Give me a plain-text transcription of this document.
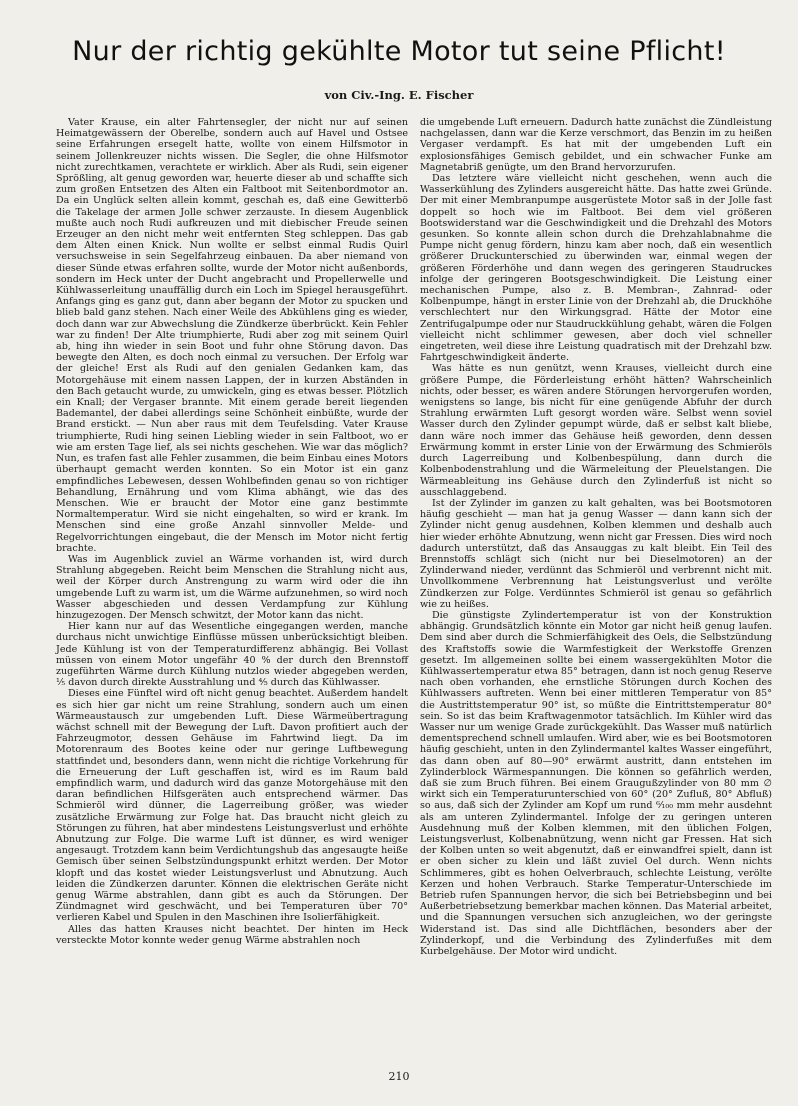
Nur der richtig gekühlte Motor tut seine Pflicht!
von Civ.-Ing. E. Fischer

Vater Krause, ein alter Fahrtensegler, der nicht nur auf seinen Heimatgewässern der Oberelbe, sondern auch auf Havel und Ostsee seine Erfahrungen ersegelt hatte, wollte von einem Hilfsmotor in seinem Jollenkreuzer nichts wissen. Die Segler, die ohne Hilfsmotor nicht zurechtkamen, verachtete er wirklich. Aber als Rudi, sein eigener Sprößling, alt genug geworden war, heuerte dieser ab und schaffte sich zum großen Entsetzen des Alten ein Faltboot mit Seitenbordmotor an. Da ein Unglück selten allein kommt, geschah es, daß eine Gewitterbö die Takelage der armen Jolle schwer zerzauste. In diesem Augenblick mußte auch noch Rudi aufkreuzen und mit diebischer Freude seinen Erzeuger an den nicht mehr weit entfernten Steg schleppen. Das gab dem Alten einen Knick. Nun wollte er selbst einmal Rudis Quirl versuchsweise in sein Segelfahrzeug einbauen. Da aber niemand von dieser Sünde etwas erfahren sollte, wurde der Motor nicht außenbords, sondern im Heck unter der Ducht angebracht und Propellerwelle und Kühlwasserleitung unauffällig durch ein Loch im Spiegel herausgeführt. Anfangs ging es ganz gut, dann aber begann der Motor zu spucken und blieb bald ganz stehen. Nach einer Weile des Abkühlens ging es wieder, doch dann war zur Abwechslung die Zündkerze überbrückt. Kein Fehler war zu finden! Der Alte triumphierte, Rudi aber zog mit seinem Quirl ab, hing ihn wieder in sein Boot und fuhr ohne Störung davon. Das bewegte den Alten, es doch noch einmal zu versuchen. Der Erfolg war der gleiche! Erst als Rudi auf den genialen Gedanken kam, das Motorgehäuse mit einem nassen Lappen, der in kurzen Abständen in den Bach getaucht wurde, zu umwickeln, ging es etwas besser. Plötzlich ein Knall; der Vergaser brannte. Mit einem gerade bereit liegenden Bademantel, der dabei allerdings seine Schönheit einbüßte, wurde der Brand erstickt. — Nun aber raus mit dem Teufelsding. Vater Krause triumphierte, Rudi hing seinen Liebling wieder in sein Faltboot, wo er wie am ersten Tage lief, als sei nichts geschehen. Wie war das möglich? Nun, es trafen fast alle Fehler zusammen, die beim Einbau eines Motors überhaupt gemacht werden konnten. So ein Motor ist ein ganz empfindliches Lebewesen, dessen Wohlbefinden genau so von richtiger Behandlung, Ernährung und vom Klima abhängt, wie das des Menschen. Wie er braucht der Motor eine ganz bestimmte Normaltemperatur. Wird sie nicht eingehalten, so wird er krank. Im Menschen sind eine große Anzahl sinnvoller Melde- und Regelvorrichtungen eingebaut, die der Mensch im Motor nicht fertig brachte.

Was im Augenblick zuviel an Wärme vorhanden ist, wird durch Strahlung abgegeben. Reicht beim Menschen die Strahlung nicht aus, weil der Körper durch Anstrengung zu warm wird oder die ihn umgebende Luft zu warm ist, um die Wärme aufzunehmen, so wird noch Wasser abgeschieden und dessen Verdampfung zur Kühlung hinzugezogen. Der Mensch schwitzt, der Motor kann das nicht.

Hier kann nur auf das Wesentliche eingegangen werden, manche durchaus nicht unwichtige Einflüsse müssen unberücksichtigt bleiben. Jede Kühlung ist von der Temperaturdifferenz abhängig. Bei Vollast müssen von einem Motor ungefähr 40 % der durch den Brennstoff zugeführten Wärme durch Kühlung nutzlos wieder abgegeben werden, ⅕ davon durch direkte Ausstrahlung und ⁴⁄₅ durch das Kühlwasser.

Dieses eine Fünftel wird oft nicht genug beachtet. Außerdem handelt es sich hier gar nicht um reine Strahlung, sondern auch um einen Wärmeaustausch zur umgebenden Luft. Diese Wärmeübertragung wächst schnell mit der Bewegung der Luft. Davon profitiert auch der Fahrzeugmotor, dessen Gehäuse im Fahrtwind liegt. Da im Motorenraum des Bootes keine oder nur geringe Luftbewegung stattfindet und, besonders dann, wenn nicht die richtige Vorkehrung für die Erneuerung der Luft geschaffen ist, wird es im Raum bald empfindlich warm, und dadurch wird das ganze Motorgehäuse mit den daran befindlichen Hilfsgeräten auch entsprechend wärmer. Das Schmieröl wird dünner, die Lagerreibung größer, was wieder zusätzliche Erwärmung zur Folge hat. Das braucht nicht gleich zu Störungen zu führen, hat aber mindestens Leistungsverlust und erhöhte Abnutzung zur Folge. Die warme Luft ist dünner, es wird weniger angesaugt. Trotzdem kann beim Verdichtungshub das angesaugte heiße Gemisch über seinen Selbstzündungspunkt erhitzt werden. Der Motor klopft und das kostet wieder Leistungsverlust und Abnutzung. Auch leiden die Zündkerzen darunter. Können die elektrischen Geräte nicht genug Wärme abstrahlen, dann gibt es auch da Störungen. Der Zündmagnet wird geschwächt, und bei Temperaturen über 70° verlieren Kabel und Spulen in den Maschinen ihre Isolierfähigkeit.

Alles das hatten Krauses nicht beachtet. Der hinten im Heck versteckte Motor konnte weder genug Wärme abstrahlen noch

die umgebende Luft erneuern. Dadurch hatte zunächst die Zündleistung nachgelassen, dann war die Kerze verschmort, das Benzin im zu heißen Vergaser verdampft. Es hat mit der umgebenden Luft ein explosionsfähiges Gemisch gebildet, und ein schwacher Funke am Magnetabriß genügte, um den Brand hervorzurufen.

Das letztere wäre vielleicht nicht geschehen, wenn auch die Wasserkühlung des Zylinders ausgereicht hätte. Das hatte zwei Gründe. Der mit einer Membranpumpe ausgerüstete Motor saß in der Jolle fast doppelt so hoch wie im Faltboot. Bei dem viel größeren Bootswiderstand war die Geschwindigkeit und die Drehzahl des Motors gesunken. So konnte allein schon durch die Drehzahlabnahme die Pumpe nicht genug fördern, hinzu kam aber noch, daß ein wesentlich größerer Druckunterschied zu überwinden war, einmal wegen der größeren Förderhöhe und dann wegen des geringeren Staudruckes infolge der geringeren Bootsgeschwindigkeit. Die Leistung einer mechanischen Pumpe, also z. B. Membran-, Zahnrad- oder Kolbenpumpe, hängt in erster Linie von der Drehzahl ab, die Druckhöhe verschlechtert nur den Wirkungsgrad. Hätte der Motor eine Zentrifugalpumpe oder nur Staudruckkühlung gehabt, wären die Folgen vielleicht nicht schlimmer gewesen, aber doch viel schneller eingetreten, weil diese ihre Leistung quadratisch mit der Drehzahl bzw. Fahrtgeschwindigkeit änderte.

Was hätte es nun genützt, wenn Krauses, vielleicht durch eine größere Pumpe, die Förderleistung erhöht hätten? Wahrscheinlich nichts, oder besser, es wären andere Störungen hervorgerufen worden, wenigstens so lange, bis nicht für eine genügende Abfuhr der durch Strahlung erwärmten Luft gesorgt worden wäre. Selbst wenn soviel Wasser durch den Zylinder gepumpt würde, daß er selbst kalt bliebe, dann wäre noch immer das Gehäuse heiß geworden, denn dessen Erwärmung kommt in erster Linie von der Erwärmung des Schmieröls durch Lagerreibung und Kolbenbespülung, dann durch die Kolbenbodenstrahlung und die Wärmeleitung der Pleuelstangen. Die Wärmeableitung ins Gehäuse durch den Zylinderfuß ist nicht so ausschlaggebend.

Ist der Zylinder im ganzen zu kalt gehalten, was bei Bootsmotoren häufig geschieht — man hat ja genug Wasser — dann kann sich der Zylinder nicht genug ausdehnen, Kolben klemmen und deshalb auch hier wieder erhöhte Abnutzung, wenn nicht gar Fressen. Dies wird noch dadurch unterstützt, daß das Ansauggas zu kalt bleibt. Ein Teil des Brennstoffs schlägt sich (nicht nur bei Dieselmotoren) an der Zylinderwand nieder, verdünnt das Schmieröl und verbrennt nicht mit. Unvollkommene Verbrennung hat Leistungsverlust und verölte Zündkerzen zur Folge. Verdünntes Schmieröl ist genau so gefährlich wie zu heißes.

Die günstigste Zylindertemperatur ist von der Konstruktion abhängig. Grundsätzlich könnte ein Motor gar nicht heiß genug laufen. Dem sind aber durch die Schmierfähigkeit des Oels, die Selbstzündung des Kraftstoffs sowie die Warmfestigkeit der Werkstoffe Grenzen gesetzt. Im allgemeinen sollte bei einem wassergekühlten Motor die Kühlwassertemperatur etwa 85° betragen, dann ist noch genug Reserve nach oben vorhanden, ehe ernstliche Störungen durch Kochen des Kühlwassers auftreten. Wenn bei einer mittleren Temperatur von 85° die Austrittstemperatur 90° ist, so müßte die Eintrittstemperatur 80° sein. So ist das beim Kraftwagenmotor tatsächlich. Im Kühler wird das Wasser nur um wenige Grade zurückgekühlt. Das Wasser muß natürlich dementsprechend schnell umlaufen. Wird aber, wie es bei Bootsmotoren häufig geschieht, unten in den Zylindermantel kaltes Wasser eingeführt, das dann oben auf 80—90° erwärmt austritt, dann entstehen im Zylinderblock Wärmespannungen. Die können so gefährlich werden, daß sie zum Bruch führen. Bei einem Graugußzylinder von 80 mm ∅ wirkt sich ein Temperaturunterschied von 60° (20° Zufluß, 80° Abfluß) so aus, daß sich der Zylinder am Kopf um rund ⁶⁄₁₀₀ mm mehr ausdehnt als am unteren Zylindermantel. Infolge der zu geringen unteren Ausdehnung muß der Kolben klemmen, mit den üblichen Folgen, Leistungsverlust, Kolbenabnützung, wenn nicht gar Fressen. Hat sich der Kolben unten so weit abgenutzt, daß er einwandfrei spielt, dann ist er oben sicher zu klein und läßt zuviel Oel durch. Wenn nichts Schlimmeres, gibt es hohen Oelverbrauch, schlechte Leistung, verölte Kerzen und hohen Verbrauch. Starke Temperatur-Unterschiede im Betrieb rufen Spannungen hervor, die sich bei Betriebsbeginn und bei Außerbetriebsetzung bemerkbar machen können. Das Material arbeitet, und die Spannungen versuchen sich anzugleichen, wo der geringste Widerstand ist. Das sind alle Dichtflächen, besonders aber der Zylinderkopf, und die Verbindung des Zylinderfußes mit dem Kurbelgehäuse. Der Motor wird undicht.

210
